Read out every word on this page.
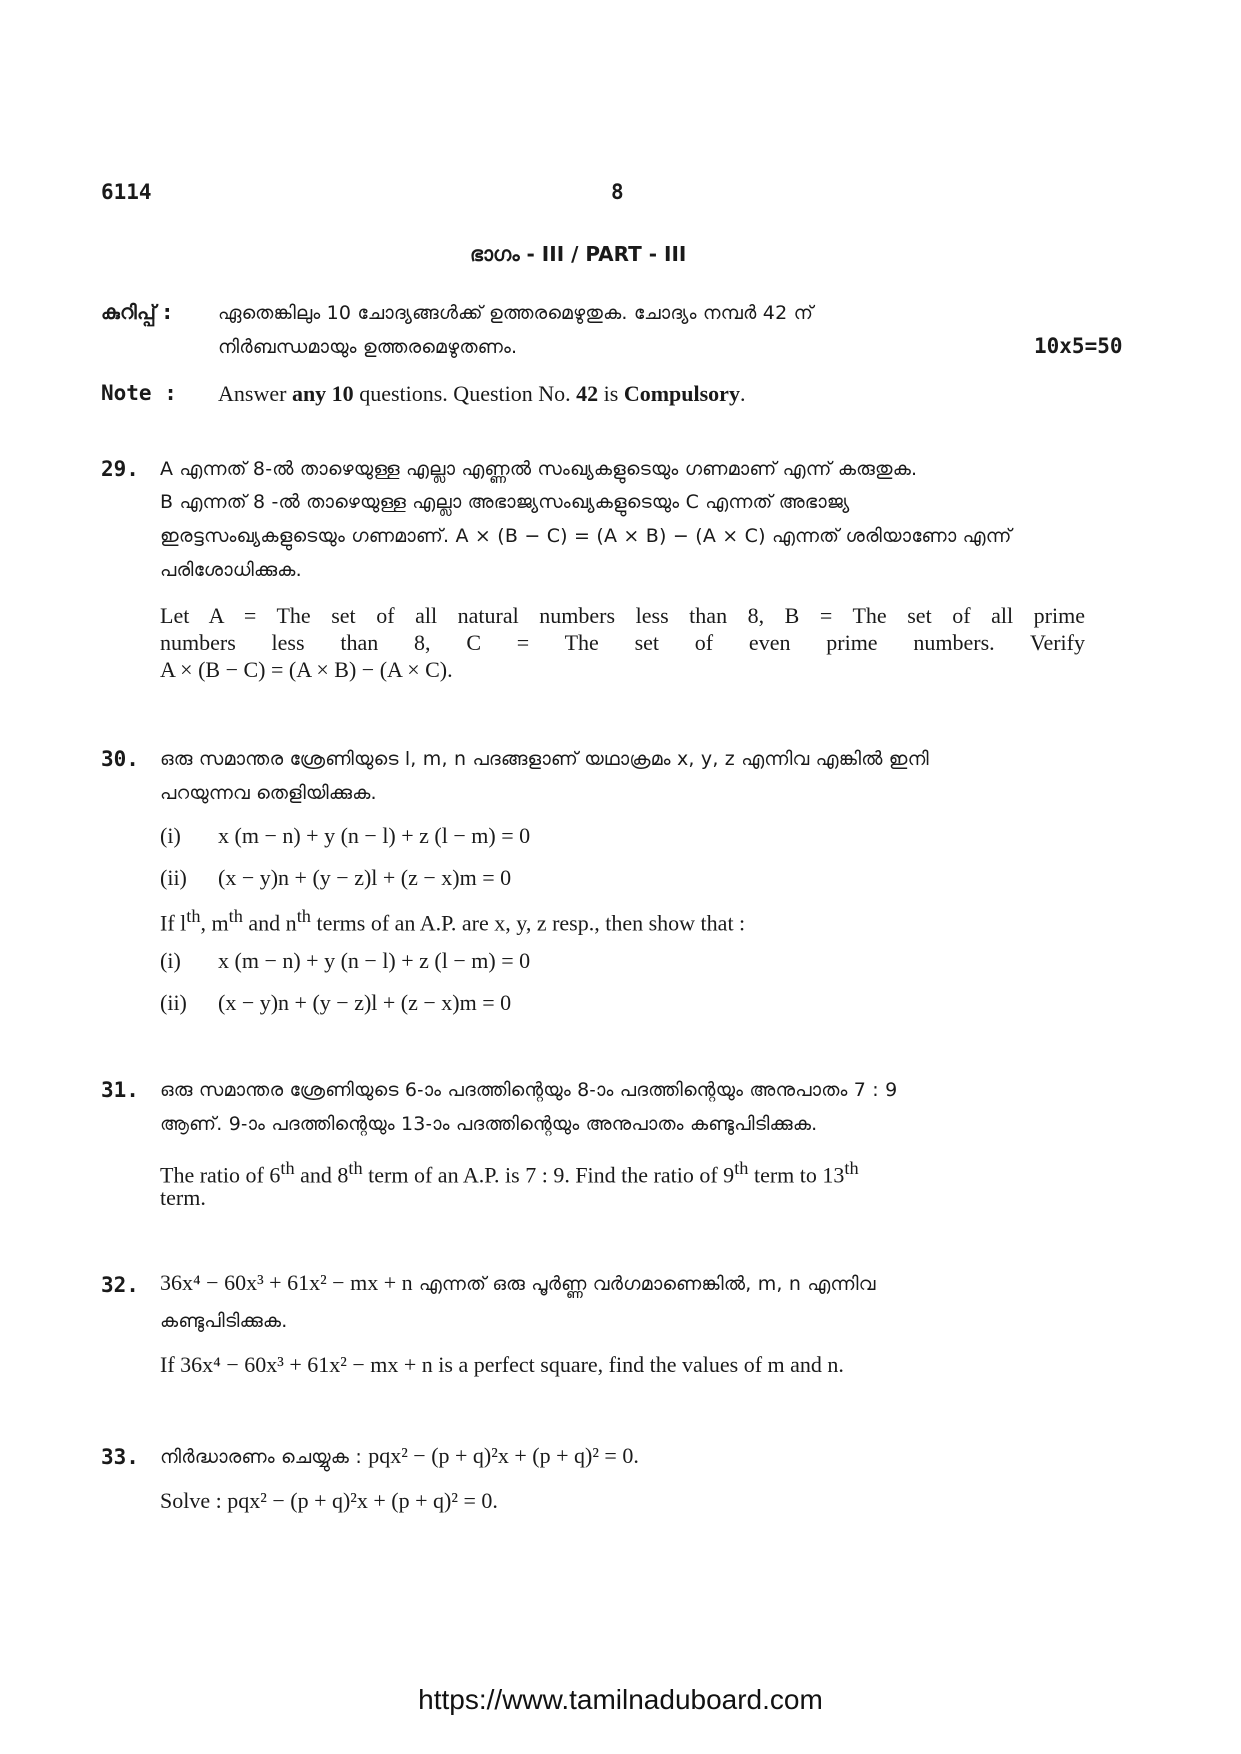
6114	8
ഭാഗം - III / PART - III
കുറിപ്പ് : ഏതെങ്കിലും 10 ചോദ്യങ്ങൾക്ക് ഉത്തരമെഴുതുക. ചോദ്യം നമ്പർ 42 ന്
നിർബന്ധമായും ഉത്തരമെഴുതണം.	10x5=50
Note : Answer any 10 questions. Question No. 42 is Compulsory.
29. A എന്നത് 8-ൽ താഴെയുള്ള എല്ലാ എണ്ണൽ സംഖ്യകളുടെയും ഗണമാണ് എന്ന് കരുതുക.
B എന്നത് 8 -ൽ താഴെയുള്ള എല്ലാ അഭാജ്യസംഖ്യകളുടെയും C എന്നത് അഭാജ്യ
ഇരട്ടസംഖ്യകളുടെയും ഗണമാണ്. A × (B − C) = (A × B) − (A × C) എന്നത് ശരിയാണോ എന്ന്
പരിശോധിക്കുക.
Let A = The set of all natural numbers less than 8, B = The set of all prime
numbers less than 8, C = The set of even prime numbers. Verify
A × (B − C) = (A × B) − (A × C).
30. ഒരു സമാന്തര ശ്രേണിയുടെ l, m, n പദങ്ങളാണ് യഥാക്രമം x, y, z എന്നിവ എങ്കിൽ ഇനി
പറയുന്നവ തെളിയിക്കുക.
(i) x (m − n) + y (n − l) + z (l − m) = 0
(ii) (x − y)n + (y − z)l + (z − x)m = 0
If $l^{th}$, $m^{th}$ and $n^{th}$ terms of an A.P. are x, y, z resp., then show that :
(i) x (m − n) + y (n − l) + z (l − m) = 0
(ii) (x − y)n + (y − z)l + (z − x)m = 0
31. ഒരു സമാന്തര ശ്രേണിയുടെ 6-ാം പദത്തിന്റെയും 8-ാം പദത്തിന്റെയും അനുപാതം 7 : 9
ആണ്. 9-ാം പദത്തിന്റെയും 13-ാം പദത്തിന്റെയും അനുപാതം കണ്ടുപിടിക്കുക.
The ratio of 6th and 8th term of an A.P. is 7 : 9. Find the ratio of 9th term to 13th
term.
32. 36x⁴ − 60x³ + 61x² − mx + n എന്നത് ഒരു പൂർണ്ണ വർഗമാണെങ്കിൽ, m, n എന്നിവ
കണ്ടുപിടിക്കുക.
If 36x⁴ − 60x³ + 61x² − mx + n is a perfect square, find the values of m and n.
33. നിർദ്ധാരണം ചെയ്യുക : pqx² − (p + q)²x + (p + q)² = 0.
Solve : pqx² − (p + q)²x + (p + q)² = 0.
https://www.tamilnaduboard.com
